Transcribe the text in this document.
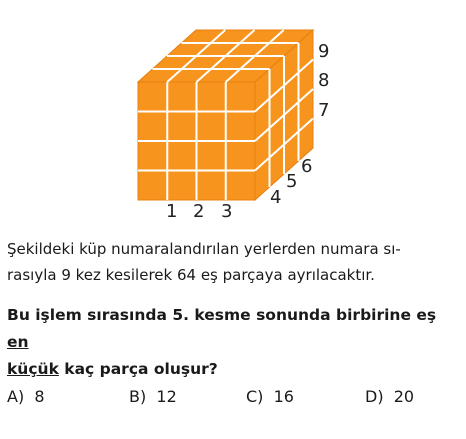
1 2 3
4
5
6
7
8
9
Şekildeki küp numaralandırılan yerlerden numara sı-
rasıyla 9 kez kesilerek 64 eş parçaya ayrılacaktır.
Bu işlem sırasında 5. kesme sonunda birbirine eş en
küçük kaç parça oluşur?
A) 8	B) 12	C) 16	D) 20
